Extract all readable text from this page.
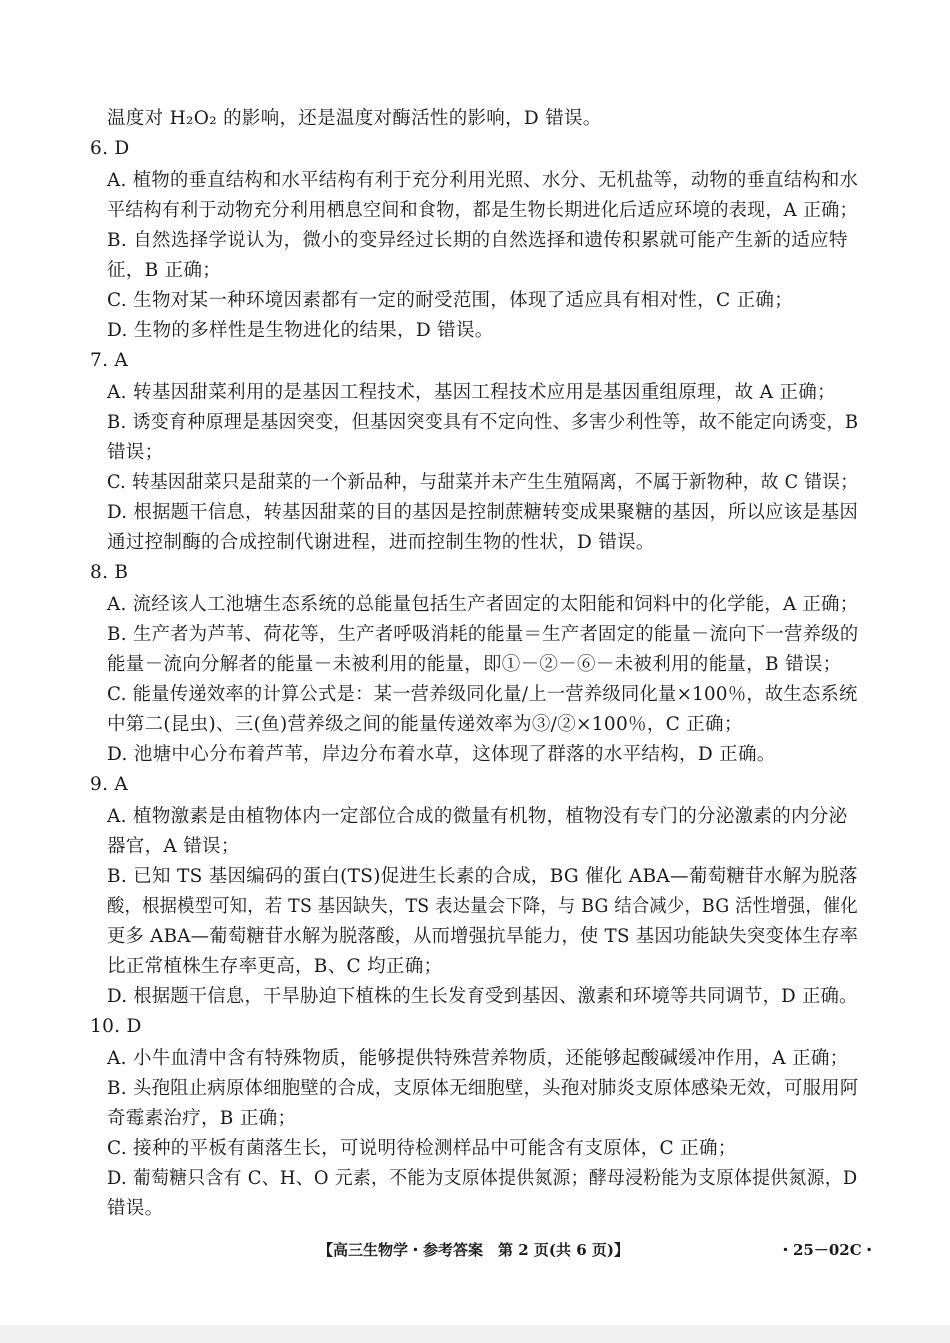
温度对 H₂O₂ 的影响，还是温度对酶活性的影响，D 错误。
6. D
A. 植物的垂直结构和水平结构有利于充分利用光照、水分、无机盐等，动物的垂直结构和水
平结构有利于动物充分利用栖息空间和食物，都是生物长期进化后适应环境的表现，A 正确；
B. 自然选择学说认为，微小的变异经过长期的自然选择和遗传积累就可能产生新的适应特
征，B 正确；
C. 生物对某一种环境因素都有一定的耐受范围，体现了适应具有相对性，C 正确；
D. 生物的多样性是生物进化的结果，D 错误。
7. A
A. 转基因甜菜利用的是基因工程技术，基因工程技术应用是基因重组原理，故 A 正确；
B. 诱变育种原理是基因突变，但基因突变具有不定向性、多害少利性等，故不能定向诱变，B
错误；
C. 转基因甜菜只是甜菜的一个新品种，与甜菜并未产生生殖隔离，不属于新物种，故 C 错误；
D. 根据题干信息，转基因甜菜的目的基因是控制蔗糖转变成果聚糖的基因，所以应该是基因
通过控制酶的合成控制代谢进程，进而控制生物的性状，D 错误。
8. B
A. 流经该人工池塘生态系统的总能量包括生产者固定的太阳能和饲料中的化学能，A 正确；
B. 生产者为芦苇、荷花等，生产者呼吸消耗的能量＝生产者固定的能量－流向下一营养级的
能量－流向分解者的能量－未被利用的能量，即①－②－⑥－未被利用的能量，B 错误；
C. 能量传递效率的计算公式是：某一营养级同化量/上一营养级同化量×100％，故生态系统
中第二(昆虫)、三(鱼)营养级之间的能量传递效率为③/②×100％，C 正确；
D. 池塘中心分布着芦苇，岸边分布着水草，这体现了群落的水平结构，D 正确。
9. A
A. 植物激素是由植物体内一定部位合成的微量有机物，植物没有专门的分泌激素的内分泌
器官，A 错误；
B. 已知 TS 基因编码的蛋白(TS)促进生长素的合成，BG 催化 ABA—葡萄糖苷水解为脱落
酸，根据模型可知，若 TS 基因缺失，TS 表达量会下降，与 BG 结合减少，BG 活性增强，催化
更多 ABA—葡萄糖苷水解为脱落酸，从而增强抗旱能力，使 TS 基因功能缺失突变体生存率
比正常植株生存率更高，B、C 均正确；
D. 根据题干信息，干旱胁迫下植株的生长发育受到基因、激素和环境等共同调节，D 正确。
10. D
A. 小牛血清中含有特殊物质，能够提供特殊营养物质，还能够起酸碱缓冲作用，A 正确；
B. 头孢阻止病原体细胞壁的合成，支原体无细胞壁，头孢对肺炎支原体感染无效，可服用阿
奇霉素治疗，B 正确；
C. 接种的平板有菌落生长，可说明待检测样品中可能含有支原体，C 正确；
D. 葡萄糖只含有 C、H、O 元素，不能为支原体提供氮源；酵母浸粉能为支原体提供氮源，D
错误。
【高三生物学・参考答案　第 2 页(共 6 页)】	・25－02C・
